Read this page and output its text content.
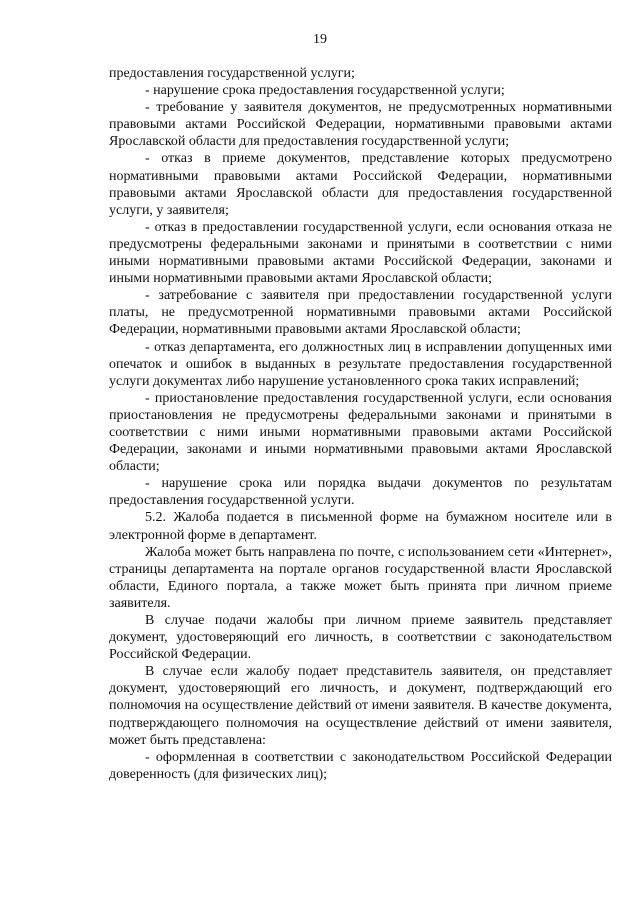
19

предоставления государственной услуги;

- нарушение срока предоставления государственной услуги;

- требование у заявителя документов, не предусмотренных нормативными правовыми актами Российской Федерации, нормативными правовыми актами Ярославской области для предоставления государственной услуги;

- отказ в приеме документов, представление которых предусмотрено нормативными правовыми актами Российской Федерации, нормативными правовыми актами Ярославской области для предоставления государственной услуги, у заявителя;

- отказ в предоставлении государственной услуги, если основания отказа не предусмотрены федеральными законами и принятыми в соответствии с ними иными нормативными правовыми актами Российской Федерации, законами и иными нормативными правовыми актами Ярославской области;

- затребование с заявителя при предоставлении государственной услуги платы, не предусмотренной нормативными правовыми актами Российской Федерации, нормативными правовыми актами Ярославской области;

- отказ департамента, его должностных лиц в исправлении допущенных ими опечаток и ошибок в выданных в результате предоставления государственной услуги документах либо нарушение установленного срока таких исправлений;

- приостановление предоставления государственной услуги, если основания приостановления не предусмотрены федеральными законами и принятыми в соответствии с ними иными нормативными правовыми актами Российской Федерации, законами и иными нормативными правовыми актами Ярославской области;

- нарушение срока или порядка выдачи документов по результатам предоставления государственной услуги.

5.2. Жалоба подается в письменной форме на бумажном носителе или в электронной форме в департамент.

Жалоба может быть направлена по почте, с использованием сети «Интернет», страницы департамента на портале органов государственной власти Ярославской области, Единого портала, а также может быть принята при личном приеме заявителя.

В случае подачи жалобы при личном приеме заявитель представляет документ, удостоверяющий его личность, в соответствии с законодательством Российской Федерации.

В случае если жалобу подает представитель заявителя, он представляет документ, удостоверяющий его личность, и документ, подтверждающий его полномочия на осуществление действий от имени заявителя. В качестве документа, подтверждающего полномочия на осуществление действий от имени заявителя, может быть представлена:

- оформленная в соответствии с законодательством Российской Федерации доверенность (для физических лиц);
